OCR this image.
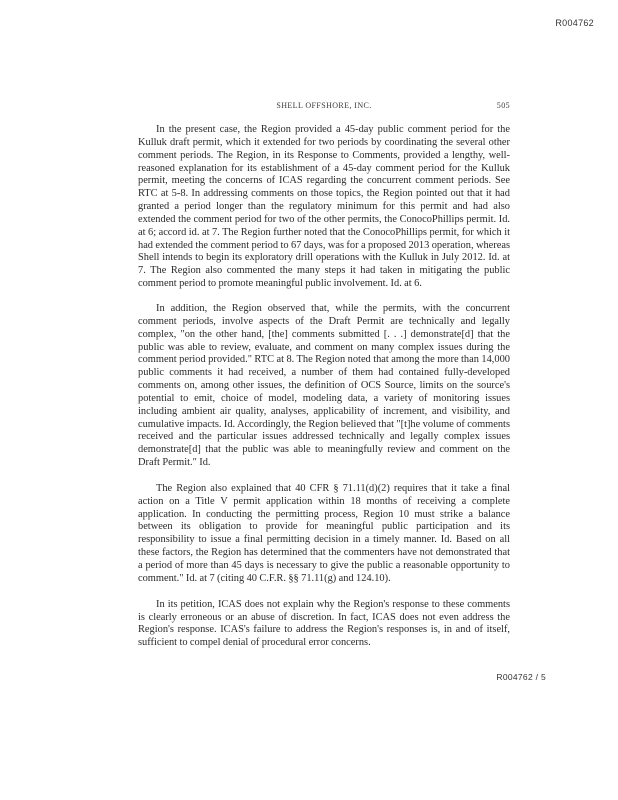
R004762
SHELL OFFSHORE, INC.	505

In the present case, the Region provided a 45-day public comment period for the Kulluk draft permit, which it extended for two periods by coordinating the several other comment periods. The Region, in its Response to Comments, provided a lengthy, well-reasoned explanation for its establishment of a 45-day comment period for the Kulluk permit, meeting the concerns of ICAS regarding the concurrent comment periods. See RTC at 5-8. In addressing comments on those topics, the Region pointed out that it had granted a period longer than the regulatory minimum for this permit and had also extended the comment period for two of the other permits, the ConocoPhillips permit. Id. at 6; accord id. at 7. The Region further noted that the ConocoPhillips permit, for which it had extended the comment period to 67 days, was for a proposed 2013 operation, whereas Shell intends to begin its exploratory drill operations with the Kulluk in July 2012. Id. at 7. The Region also commented the many steps it had taken in mitigating the public comment period to promote meaningful public involvement. Id. at 6.

In addition, the Region observed that, while the permits, with the concurrent comment periods, involve aspects of the Draft Permit are technically and legally complex, "on the other hand, [the] comments submitted [. . .] demonstrate[d] that the public was able to review, evaluate, and comment on many complex issues during the comment period provided." RTC at 8. The Region noted that among the more than 14,000 public comments it had received, a number of them had contained fully-developed comments on, among other issues, the definition of OCS Source, limits on the source's potential to emit, choice of model, modeling data, a variety of monitoring issues including ambient air quality, analyses, applicability of increment, and visibility, and cumulative impacts. Id. Accordingly, the Region believed that "[t]he volume of comments received and the particular issues addressed technically and legally complex issues demonstrate[d] that the public was able to meaningfully review and comment on the Draft Permit." Id.

The Region also explained that 40 CFR § 71.11(d)(2) requires that it take a final action on a Title V permit application within 18 months of receiving a complete application. In conducting the permitting process, Region 10 must strike a balance between its obligation to provide for meaningful public participation and its responsibility to issue a final permitting decision in a timely manner. Id. Based on all these factors, the Region has determined that the commenters have not demonstrated that a period of more than 45 days is necessary to give the public a reasonable opportunity to comment." Id. at 7 (citing 40 C.F.R. §§ 71.11(g) and 124.10).

In its petition, ICAS does not explain why the Region's response to these comments is clearly erroneous or an abuse of discretion. In fact, ICAS does not even address the Region's response. ICAS's failure to address the Region's responses is, in and of itself, sufficient to compel denial of procedural error concerns.

R004762 / 5
